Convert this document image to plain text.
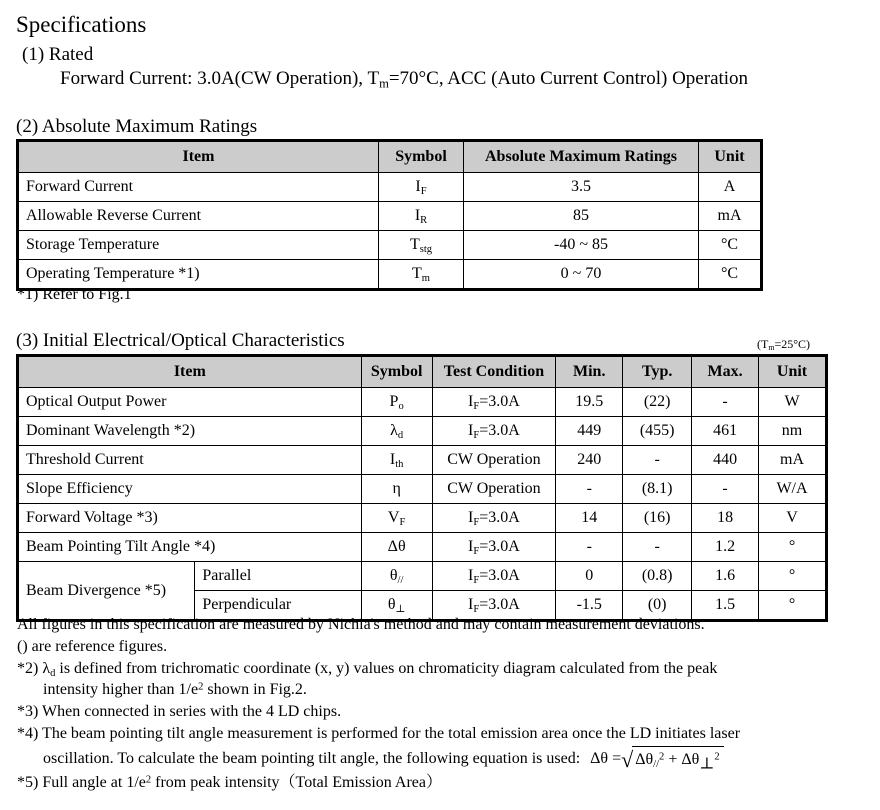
Specifications
(1) Rated
Forward Current: 3.0A(CW Operation), $T_m=70^\circ C$, ACC (Auto Current Control) Operation
(2) Absolute Maximum Ratings
Item	Symbol	Absolute Maximum Ratings	Unit
Forward Current	$I_F$	3.5	A
Allowable Reverse Current	$I_R$	85	mA
Storage Temperature	$T_{stg}$	-40 ~ 85	°C
Operating Temperature *1)	$T_m$	0 ~ 70	°C
*1) Refer to Fig.1
(3) Initial Electrical/Optical Characteristics	$(T_m=25^\circ C)$
Item		Symbol	Test Condition	Min.	Typ.	Max.	Unit
Optical Output Power		$P_o$	$I_F=3.0A$	19.5	(22)	-	W
Dominant Wavelength *2)		$\lambda_d$	$I_F=3.0A$	449	(455)	461	nm
Threshold Current		$I_{th}$	CW Operation	240	-	440	mA
Slope Efficiency		η	CW Operation	-	(8.1)	-	W/A
Forward Voltage *3)		$V_F$	$I_F=3.0A$	14	(16)	18	V
Beam Pointing Tilt Angle *4)		Δθ	$I_F=3.0A$	-	-	1.2	°
Beam Divergence *5)	Parallel	$\theta_{//}$	$I_F=3.0A$	0	(0.8)	1.6	°
	Perpendicular	$\theta_\perp$	$I_F=3.0A$	-1.5	(0)	1.5	°

All figures in this specification are measured by Nichia's method and may contain measurement deviations.

() are reference figures.

*2) $\lambda_d$ is defined from trichromatic coordinate (x, y) values on chromaticity diagram calculated from the peak

intensity higher than $1/e^2$ shown in Fig.2.

*3) When connected in series with the 4 LD chips.

*4) The beam pointing tilt angle measurement is performed for the total emission area once the LD initiates laser

oscillation. To calculate the beam pointing tilt angle, the following equation is used: Δθ = √ $\Delta\theta_{//}^2 + \Delta\theta_\perp^2$

*5) Full angle at $1/e^2$ from peak intensity（Total Emission Area）
